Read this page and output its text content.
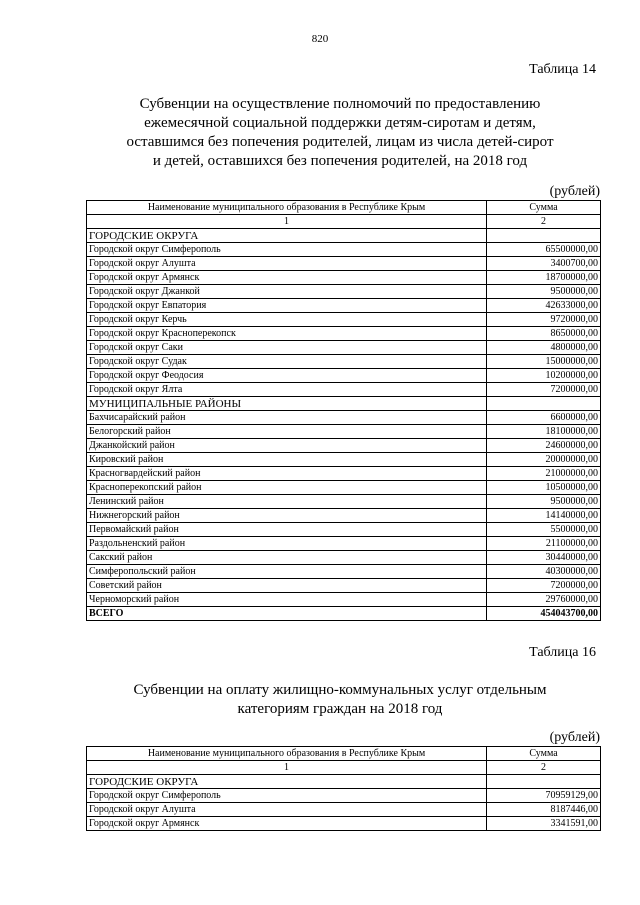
820
Таблица 14
Субвенции на осуществление полномочий по предоставлению
ежемесячной социальной поддержки детям-сиротам и детям,
оставшимся без попечения родителей, лицам из числа детей-сирот
и детей, оставшихся без попечения родителей, на 2018 год
(рублей)
Наименование муниципального образования в Республике Крым	Сумма
1	2
ГОРОДСКИЕ ОКРУГА	
Городской округ Симферополь	65500000,00
Городской округ Алушта	3400700,00
Городской округ Армянск	18700000,00
Городской округ Джанкой	9500000,00
Городской округ Евпатория	42633000,00
Городской округ Керчь	9720000,00
Городской округ Красноперекопск	8650000,00
Городской округ Саки	4800000,00
Городской округ Судак	15000000,00
Городской округ Феодосия	10200000,00
Городской округ Ялта	7200000,00
МУНИЦИПАЛЬНЫЕ РАЙОНЫ	
Бахчисарайский район	6600000,00
Белогорский район	18100000,00
Джанкойский район	24600000,00
Кировский район	20000000,00
Красногвардейский район	21000000,00
Красноперекопский район	10500000,00
Ленинский район	9500000,00
Нижнегорский район	14140000,00
Первомайский район	5500000,00
Раздольненский район	21100000,00
Сакский район	30440000,00
Симферопольский район	40300000,00
Советский район	7200000,00
Черноморский район	29760000,00
ВСЕГО	454043700,00
Таблица 16
Субвенции на оплату жилищно-коммунальных услуг отдельным
категориям граждан на 2018 год
(рублей)
Наименование муниципального образования в Республике Крым	Сумма
1	2
ГОРОДСКИЕ ОКРУГА	
Городской округ Симферополь	70959129,00
Городской округ Алушта	8187446,00
Городской округ Армянск	3341591,00
